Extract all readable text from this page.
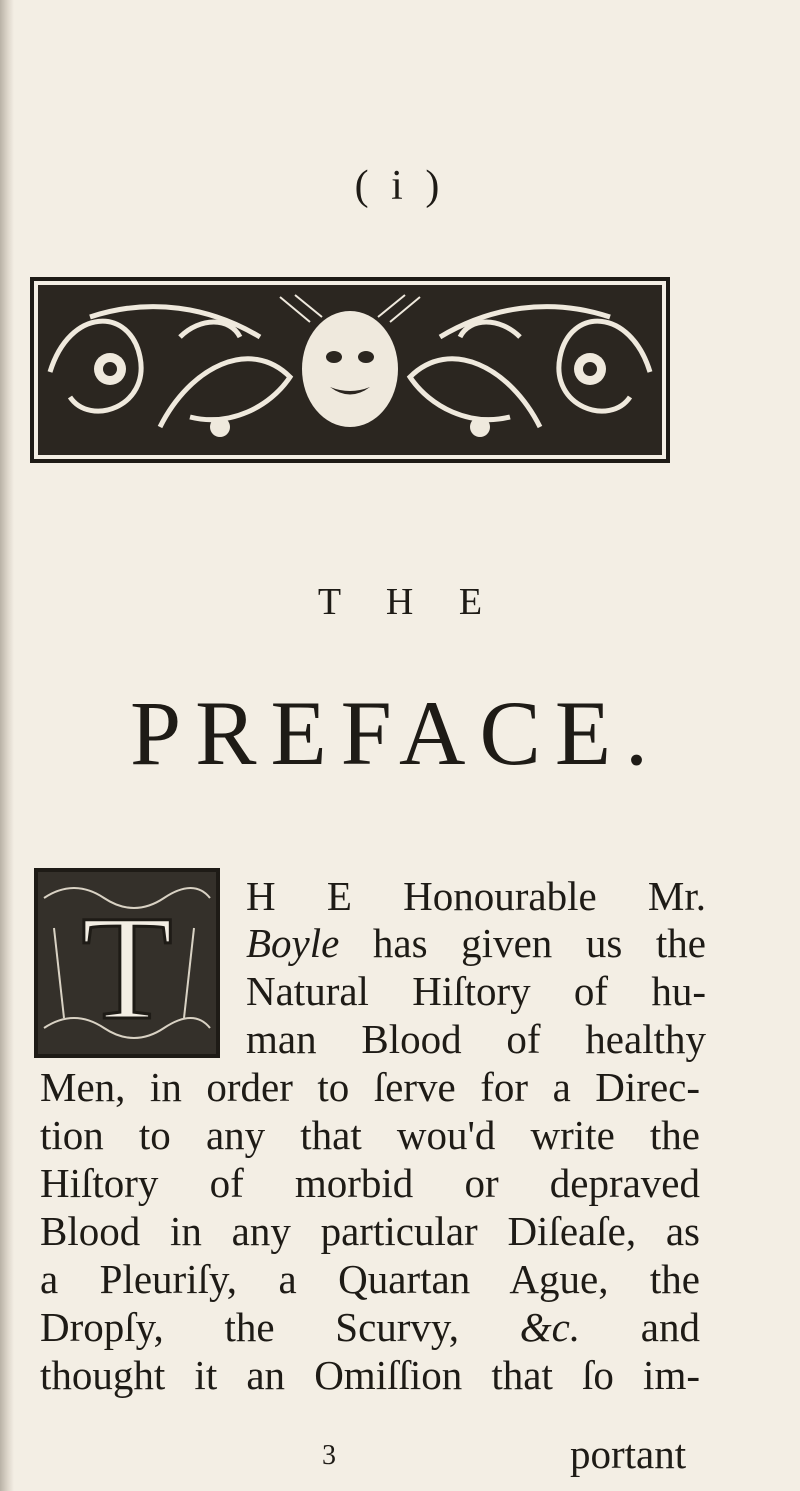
( i )
T H E
PREFACE.
T H E Honourable Mr.
Boyle has given us the
Natural Hiſtory of hu-
man Blood of healthy
Men, in order to ſerve for a Direc-
tion to any that wou'd write the
Hiſtory of morbid or depraved
Blood in any particular Diſeaſe, as
a Pleuriſy, a Quartan Ague, the
Dropſy, the Scurvy, &c. and
thought it an Omiſſion that ſo im-
3	portant
